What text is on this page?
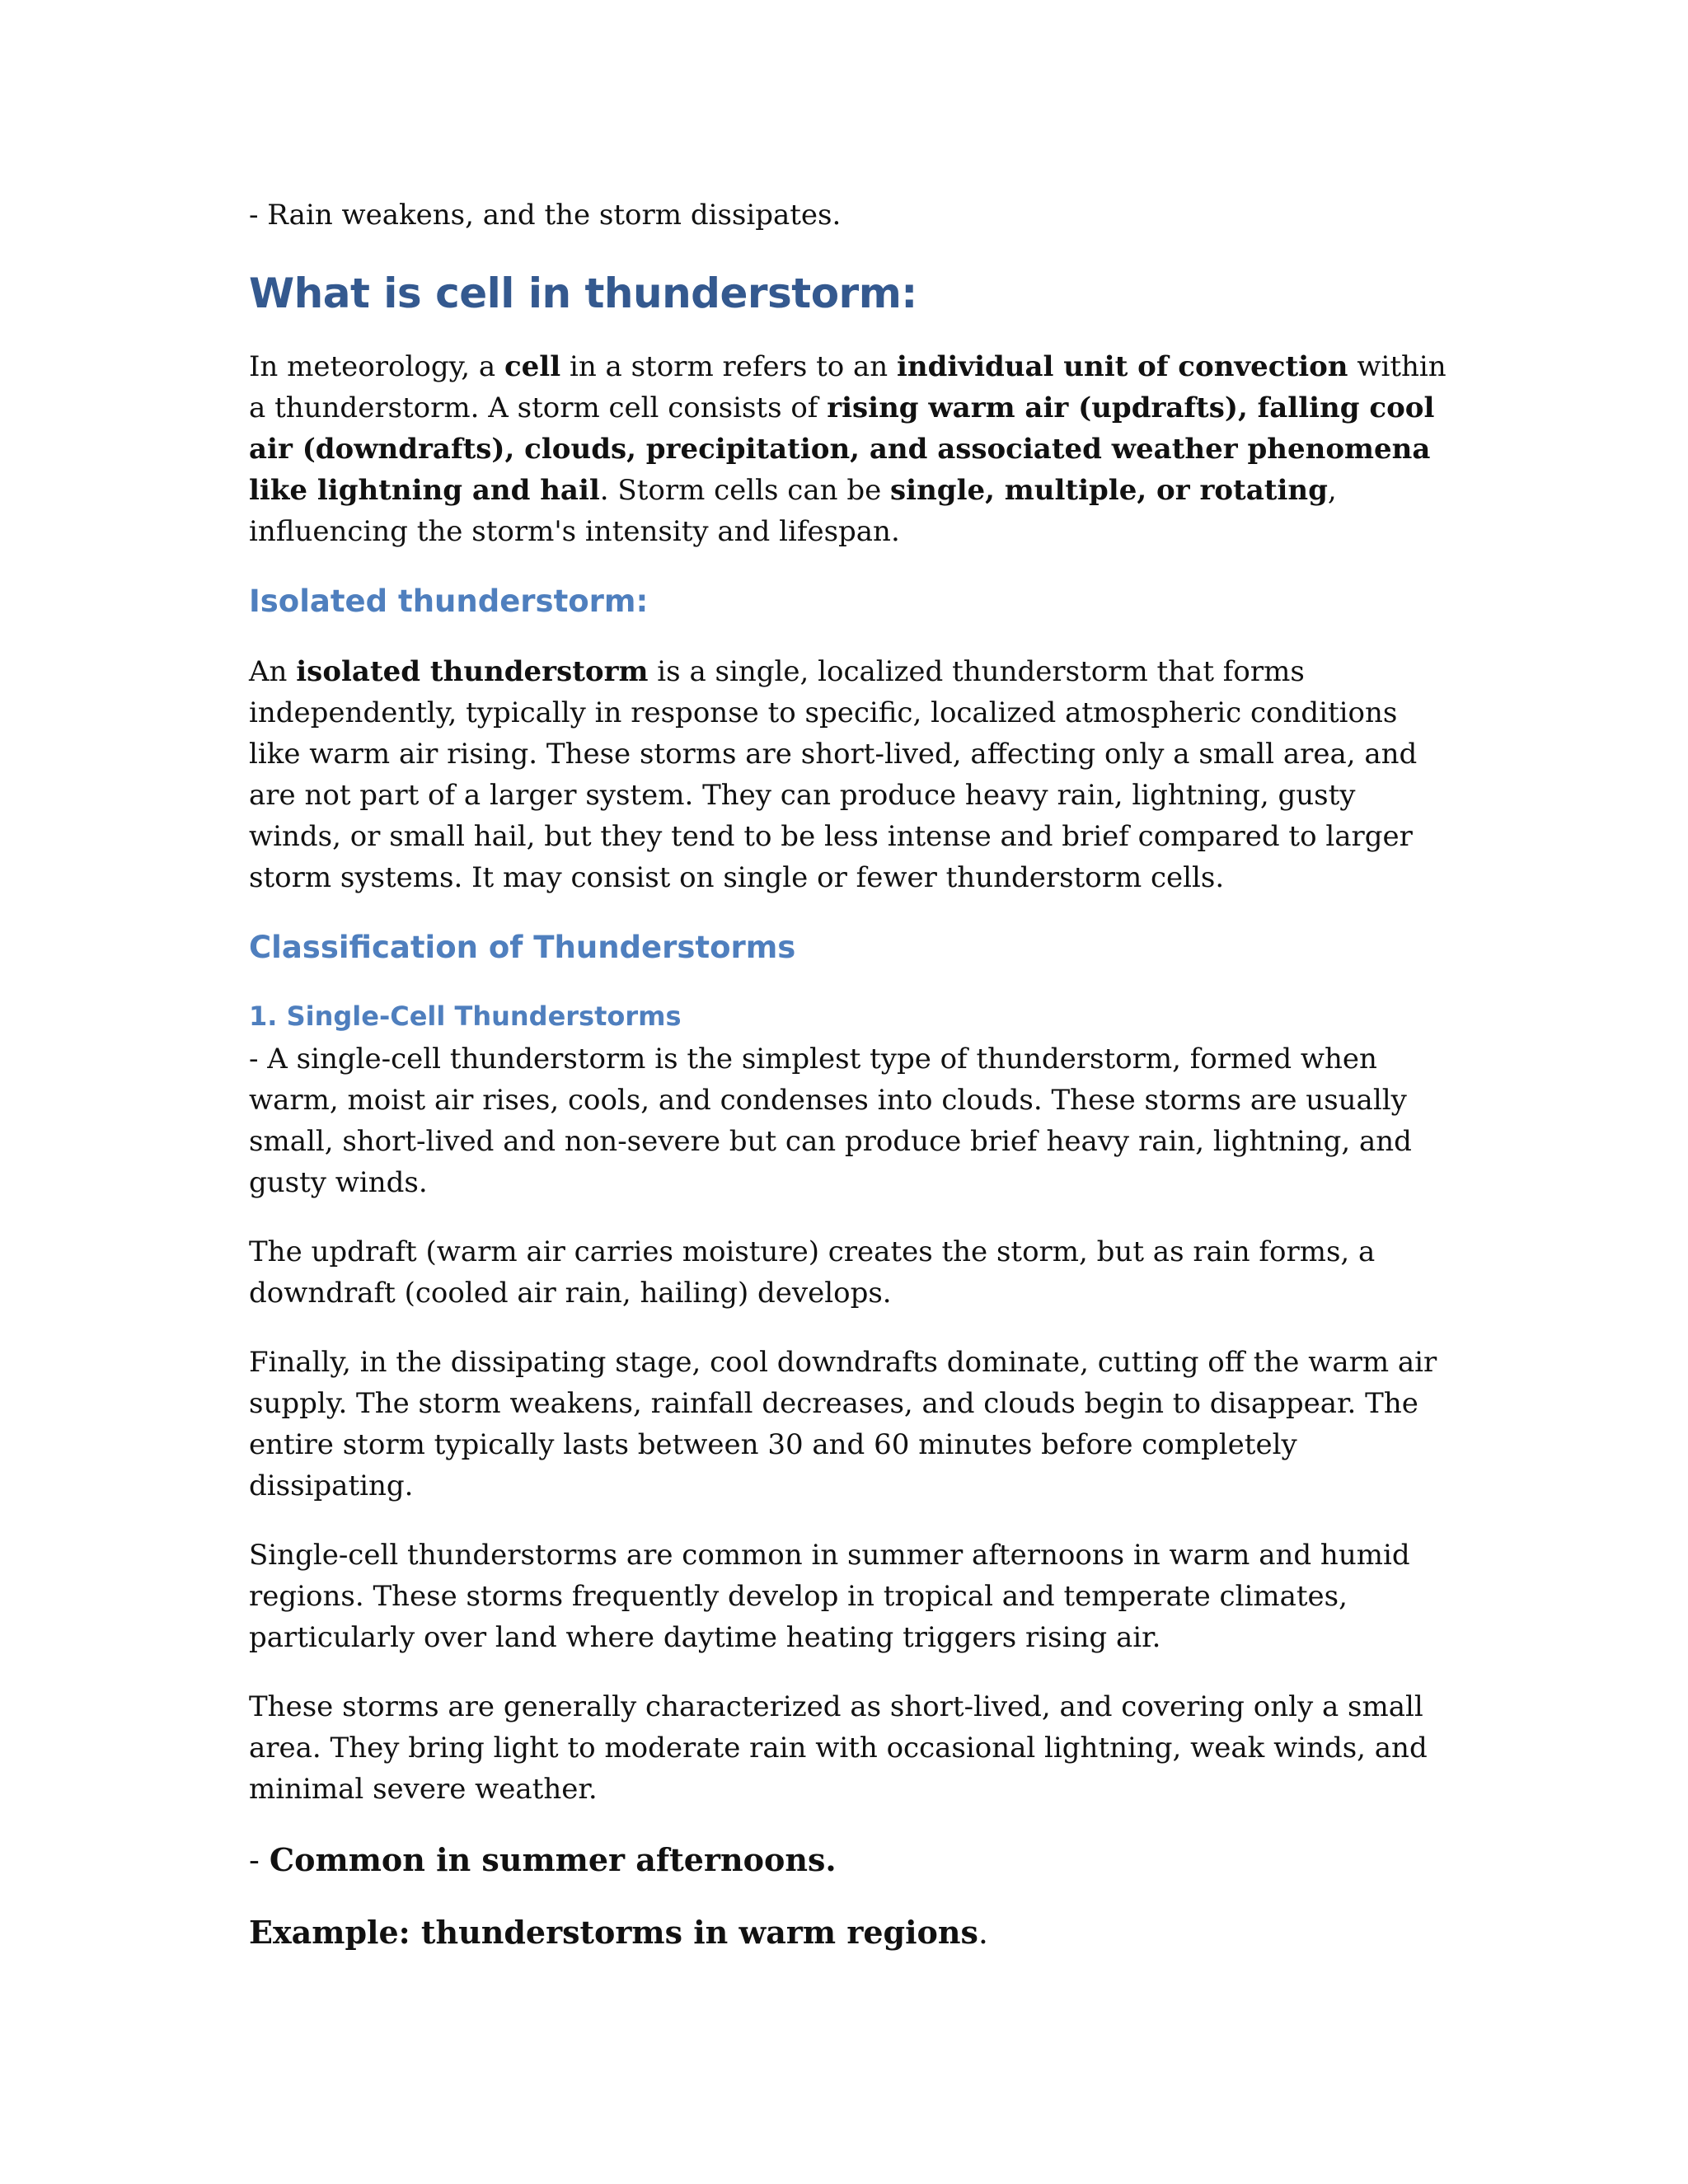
- Rain weakens, and the storm dissipates.

What is cell in thunderstorm:

In meteorology, a cell in a storm refers to an individual unit of convection within a thunderstorm. A storm cell consists of rising warm air (updrafts), falling cool air (downdrafts), clouds, precipitation, and associated weather phenomena like lightning and hail. Storm cells can be single, multiple, or rotating, influencing the storm's intensity and lifespan.

Isolated thunderstorm:

An isolated thunderstorm is a single, localized thunderstorm that forms independently, typically in response to specific, localized atmospheric conditions like warm air rising. These storms are short-lived, affecting only a small area, and are not part of a larger system. They can produce heavy rain, lightning, gusty winds, or small hail, but they tend to be less intense and brief compared to larger storm systems. It may consist on single or fewer thunderstorm cells.

Classification of Thunderstorms
1. Single-Cell Thunderstorms

- A single-cell thunderstorm is the simplest type of thunderstorm, formed when warm, moist air rises, cools, and condenses into clouds. These storms are usually small, short-lived and non-severe but can produce brief heavy rain, lightning, and gusty winds.

The updraft (warm air carries moisture) creates the storm, but as rain forms, a downdraft (cooled air rain, hailing) develops.

Finally, in the dissipating stage, cool downdrafts dominate, cutting off the warm air supply. The storm weakens, rainfall decreases, and clouds begin to disappear. The entire storm typically lasts between 30 and 60 minutes before completely dissipating.

Single-cell thunderstorms are common in summer afternoons in warm and humid regions. These storms frequently develop in tropical and temperate climates, particularly over land where daytime heating triggers rising air.

These storms are generally characterized as short-lived, and covering only a small area. They bring light to moderate rain with occasional lightning, weak winds, and minimal severe weather.

- Common in summer afternoons.

Example: thunderstorms in warm regions.
